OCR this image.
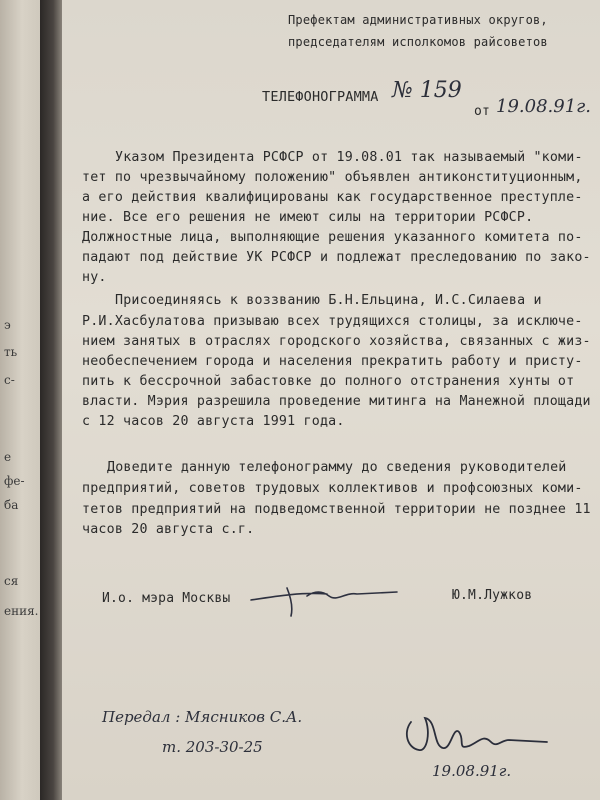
э
ть
с-
е
фе-
ба
ся
ения.
Префектам административных округов,
председателям исполкомов райсоветов
ТЕЛЕФОНОГРАММА № 159
от 19.08.91г.
Указом Президента РСФСР от 19.08.01 так называемый "коми-
тет по чрезвычайному положению" объявлен антиконституционным,
а его действия квалифицированы как государственное преступле-
ние. Все его решения не имеют силы на территории РСФСР.
Должностные лица, выполняющие решения указанного комитета по-
падают под действие УК РСФСР и подлежат преследованию по зако-
ну.
Присоединяясь к воззванию Б.Н.Ельцина, И.С.Силаева и
Р.И.Хасбулатова призываю всех трудящихся столицы, за исключе-
нием занятых в отраслях городского хозяйства, связанных с жиз-
необеспечением города и населения прекратить работу и присту-
пить к бессрочной забастовке до полного отстранения хунты от
власти. Мэрия разрешила проведение митинга на Манежной площади
с 12 часов 20 августа 1991 года.
Доведите данную телефонограмму до сведения руководителей
предприятий, советов трудовых коллективов и профсоюзных коми-
тетов предприятий на подведомственной территории не позднее 11
часов 20 августа с.г.
И.о. мэра Москвы	Ю.М.Лужков
Передал : Мясников С.А.
т. 203-30-25
19.08.91г.
